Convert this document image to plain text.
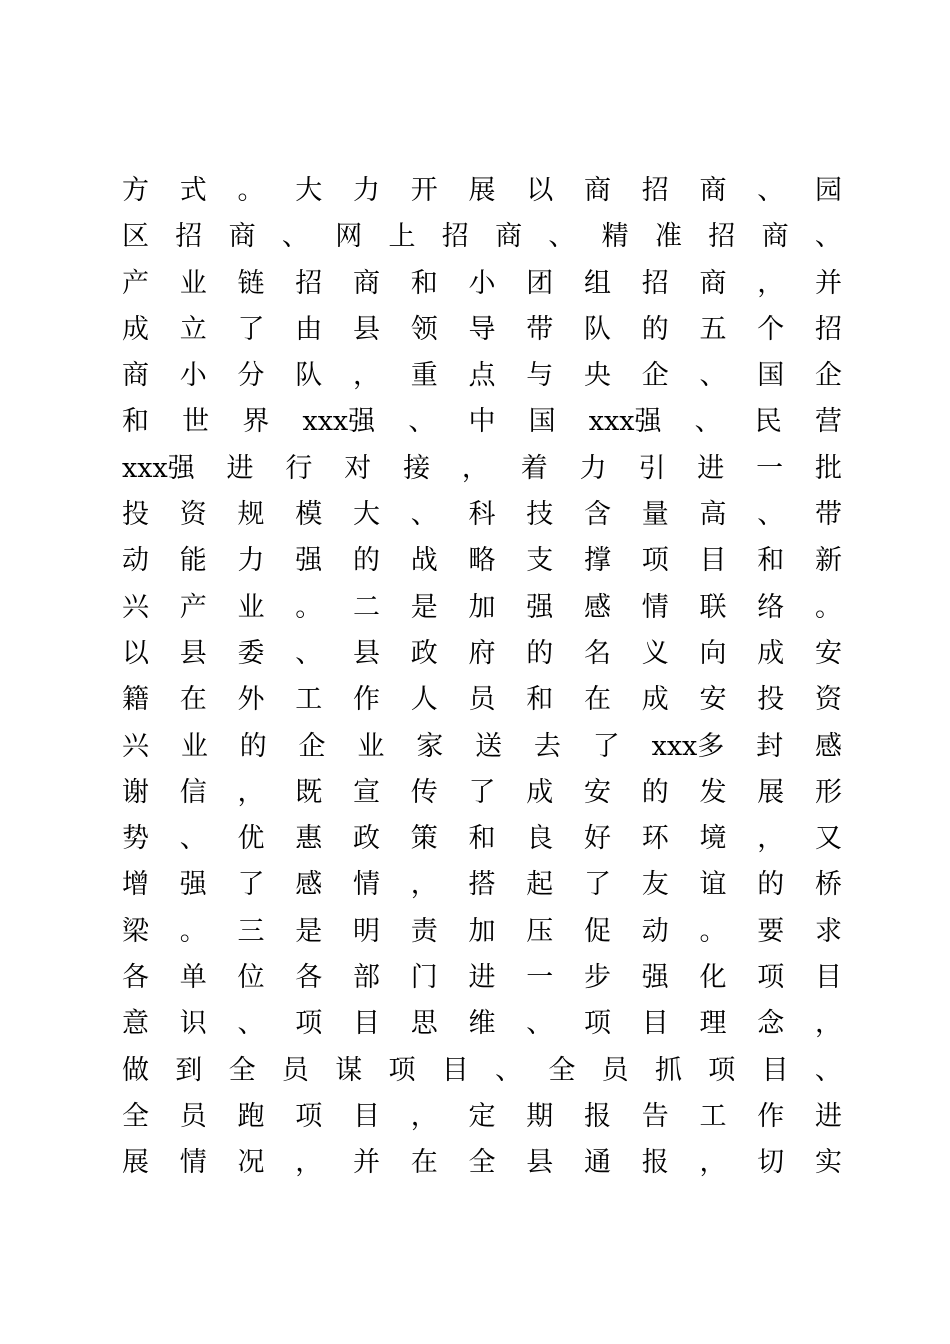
方 式 。 大 力 开 展 以 商 招 商 、 园
区 招 商 、 网 上 招 商 、 精 准 招 商 、
产 业 链 招 商 和 小 团 组 招 商 ， 并
成 立 了 由 县 领 导 带 队 的 五 个 招
商 小 分 队 ， 重 点 与 央 企 、 国 企
和 世 界 xxx强 、 中 国 xxx强 、 民 营
xxx强 进 行 对 接 ， 着 力 引 进 一 批
投 资 规 模 大 、 科 技 含 量 高 、 带
动 能 力 强 的 战 略 支 撑 项 目 和 新
兴 产 业 。 二 是 加 强 感 情 联 络 。
以 县 委 、 县 政 府 的 名 义 向 成 安
籍 在 外 工 作 人 员 和 在 成 安 投 资
兴 业 的 企 业 家 送 去 了 xxx多 封 感
谢 信 ， 既 宣 传 了 成 安 的 发 展 形
势 、 优 惠 政 策 和 良 好 环 境 ， 又
增 强 了 感 情 ， 搭 起 了 友 谊 的 桥
梁 。 三 是 明 责 加 压 促 动 。 要 求
各 单 位 各 部 门 进 一 步 强 化 项 目
意 识 、 项 目 思 维 、 项 目 理 念 ，
做 到 全 员 谋 项 目 、 全 员 抓 项 目 、
全 员 跑 项 目 ， 定 期 报 告 工 作 进
展 情 况 ， 并 在 全 县 通 报 ， 切 实
